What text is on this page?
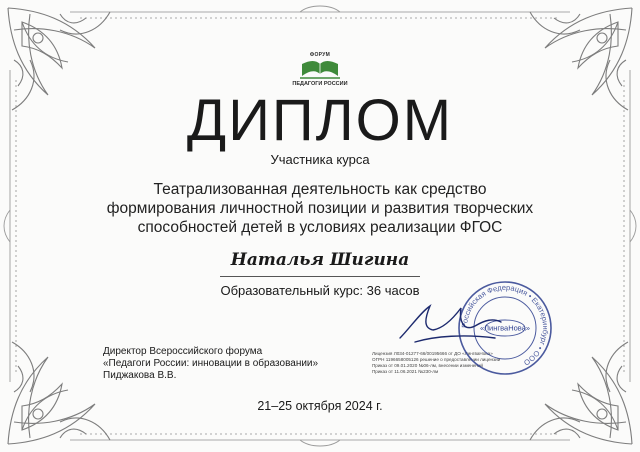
ФОРУМ
ПЕДАГОГИ РОССИИ
ДИПЛОМ
Участника курса
Театрализованная деятельность как средство
формирования личностной позиции и развития творческих
способностей детей в условиях реализации ФГОС
Наталья Шигина
Образовательный курс: 36 часов
Директор Всероссийского форума
«Педагоги России: инновации в образовании»
Пиджакова В.В.
Лицензия Л034-01277-66/00195666 от ДО «ЛингваНова»
ОГРН 1196658005126 решение о предоставлении лицензии
Приказ от 09.01.2020 №06-лм, внесении изменений
Приказ от 11.06.2021 №230-лм
Российская Федерация • Екатеринбург • ООО
«ЛингваНова»
21–25 октября 2024 г.
